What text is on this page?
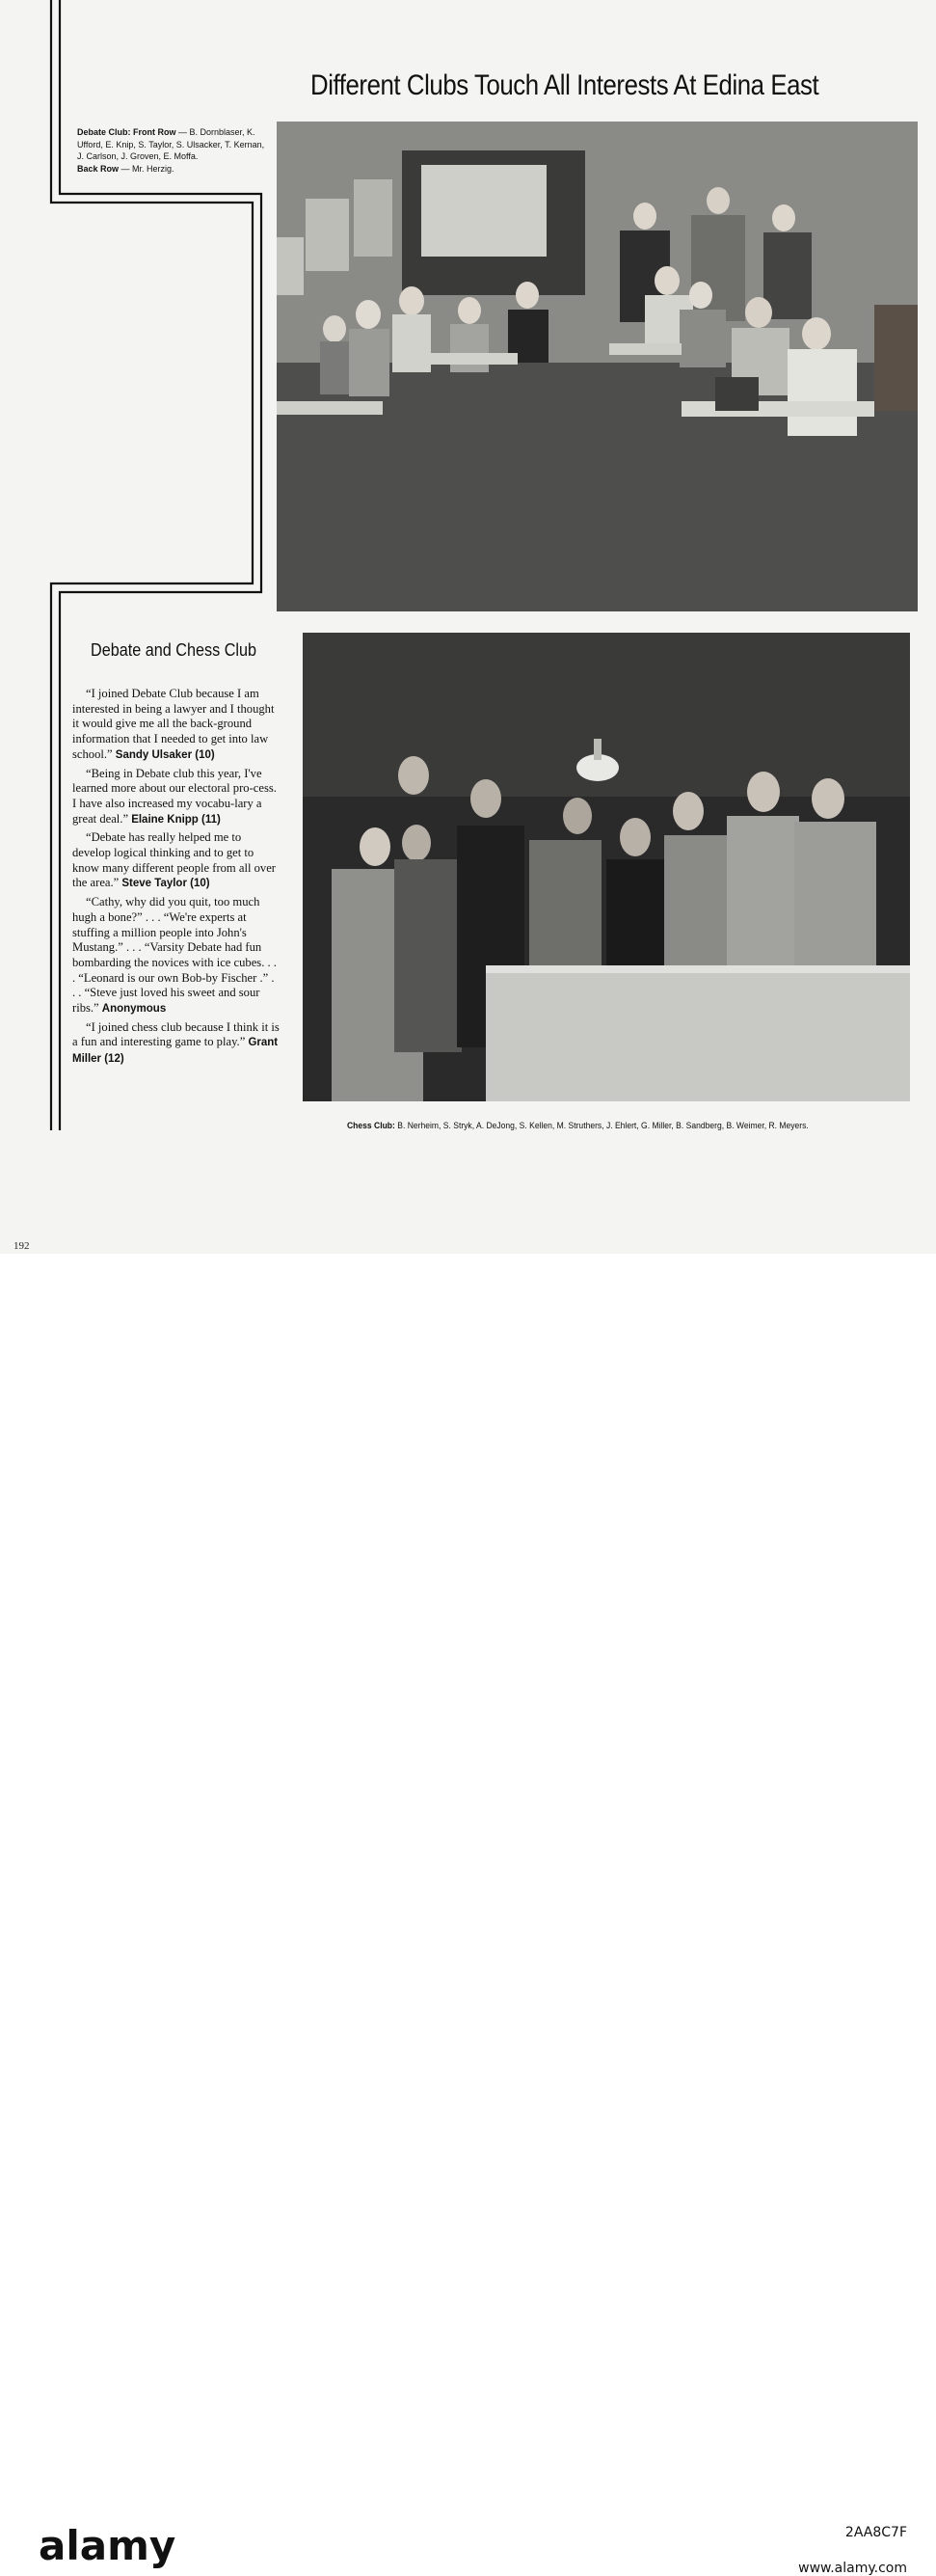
Different Clubs Touch All Interests At Edina East
Debate Club: Front Row — B. Dornblaser, K. Ufford, E. Knip, S. Taylor, S. Ulsacker, T. Kernan, J. Carlson, J. Groven, E. Moffa.
Back Row — Mr. Herzig.
Debate and Chess Club

“I joined Debate Club because I am interested in being a lawyer and I thought it would give me all the back-ground information that I needed to get into law school.” Sandy Ulsaker (10)

“Being in Debate club this year, I've learned more about our electoral pro-cess. I have also increased my vocabu-lary a great deal.” Elaine Knipp (11)

“Debate has really helped me to develop logical thinking and to get to know many different people from all over the area.” Steve Taylor (10)

“Cathy, why did you quit, too much hugh a bone?” . . . “We're experts at stuffing a million people into John's Mustang.” . . . “Varsity Debate had fun bombarding the novices with ice cubes. . . . “Leonard is our own Bob-by Fischer .” . . . “Steve just loved his sweet and sour ribs.” Anonymous

“I joined chess club because I think it is a fun and interesting game to play.” Grant Miller (12)

Chess Club: B. Nerheim, S. Stryk, A. DeJong, S. Kellen, M. Struthers, J. Ehlert, G. Miller, B. Sandberg, B. Weimer, R. Meyers.
192
alamy	2AA8C7F
www.alamy.com
